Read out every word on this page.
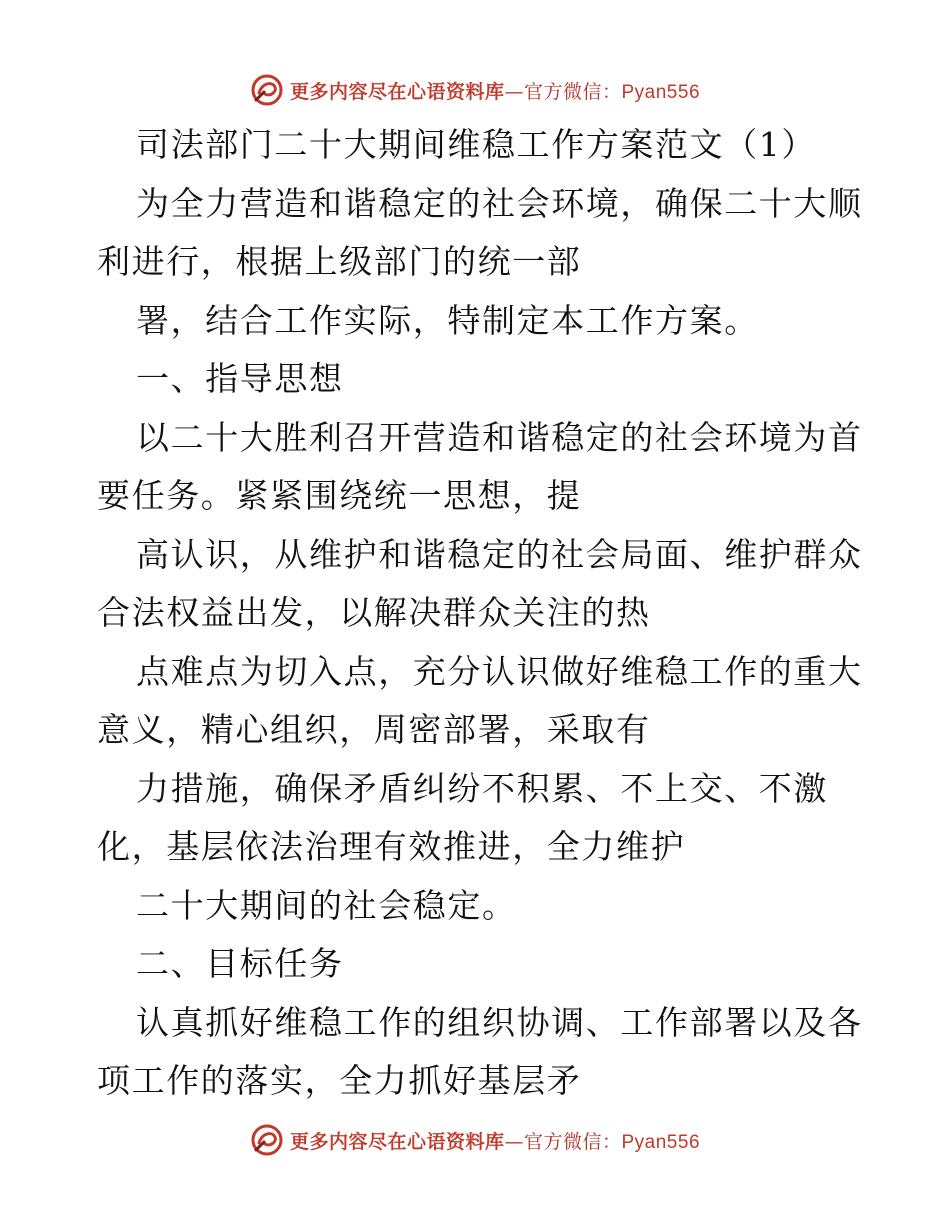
更多内容尽在心语资料库—官方微信：Pyan556
司法部门二十大期间维稳工作方案范文（1）
为全力营造和谐稳定的社会环境，确保二十大顺
利进行，根据上级部门的统一部
署，结合工作实际，特制定本工作方案。
一、指导思想
以二十大胜利召开营造和谐稳定的社会环境为首
要任务。紧紧围绕统一思想，提
高认识，从维护和谐稳定的社会局面、维护群众
合法权益出发，以解决群众关注的热
点难点为切入点，充分认识做好维稳工作的重大
意义，精心组织，周密部署，采取有
力措施，确保矛盾纠纷不积累、不上交、不激
化，基层依法治理有效推进，全力维护
二十大期间的社会稳定。
二、目标任务
认真抓好维稳工作的组织协调、工作部署以及各
项工作的落实，全力抓好基层矛
更多内容尽在心语资料库—官方微信：Pyan556
